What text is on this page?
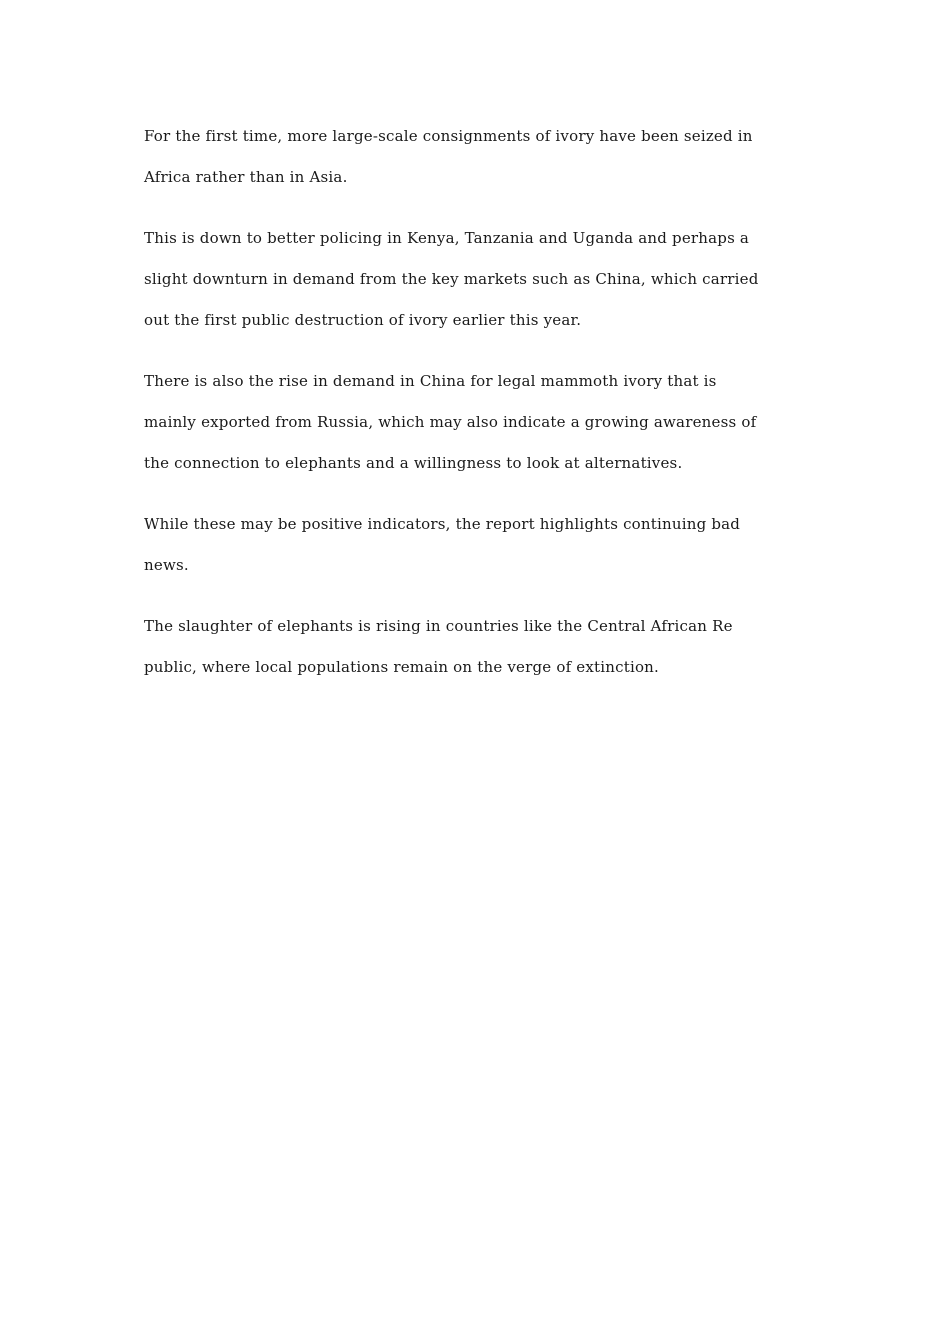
For the first time, more large-scale consignments of ivory have been seized in
Africa rather than in Asia.

This is down to better policing in Kenya, Tanzania and Uganda and perhaps a
slight downturn in demand from the key markets such as China, which carried
out the first public destruction of ivory earlier this year.

There is also the rise in demand in China for legal mammoth ivory that is
mainly exported from Russia, which may also indicate a growing awareness of
the connection to elephants and a willingness to look at alternatives.

While these may be positive indicators, the report highlights continuing bad
news.

The slaughter of elephants is rising in countries like the Central African Re
public, where local populations remain on the verge of extinction.
